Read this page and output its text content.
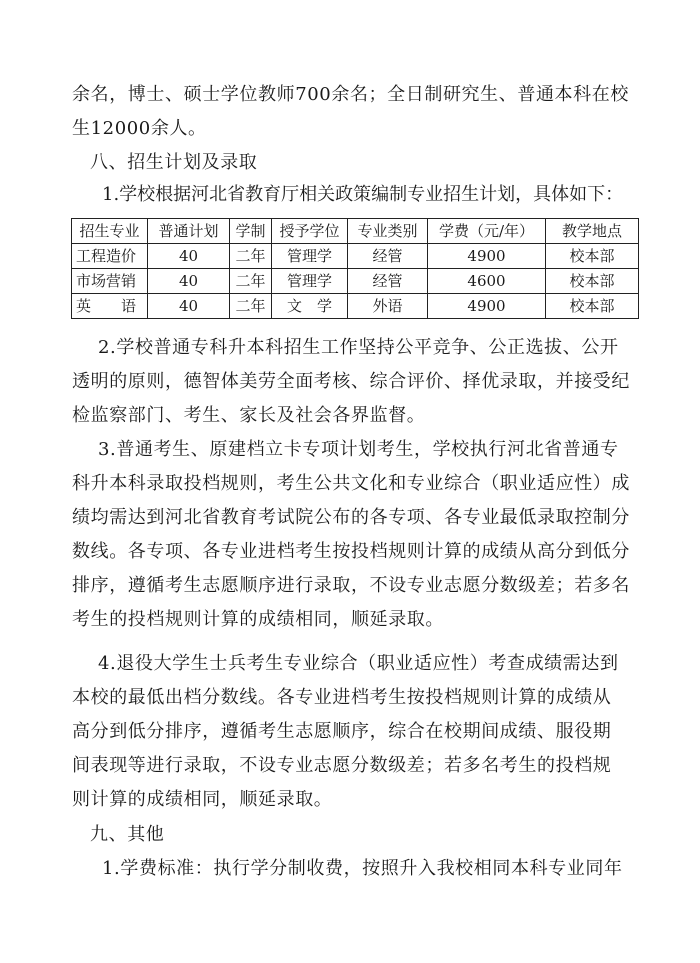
余名，博士、硕士学位教师700余名；全日制研究生、普通本科在校
生12000余人。
八、招生计划及录取
1.学校根据河北省教育厅相关政策编制专业招生计划，具体如下：
招生专业	普通计划	学制	授予学位	专业类别	学费（元/年）	教学地点
工程造价	40	二年	管理学	经管	4900	校本部
市场营销	40	二年	管理学	经管	4600	校本部
英　　语	40	二年	文　学	外语	4900	校本部
2.学校普通专科升本科招生工作坚持公平竞争、公正选拔、公开
透明的原则，德智体美劳全面考核、综合评价、择优录取，并接受纪
检监察部门、考生、家长及社会各界监督。
3.普通考生、原建档立卡专项计划考生，学校执行河北省普通专
科升本科录取投档规则，考生公共文化和专业综合（职业适应性）成
绩均需达到河北省教育考试院公布的各专项、各专业最低录取控制分
数线。各专项、各专业进档考生按投档规则计算的成绩从高分到低分
排序，遵循考生志愿顺序进行录取，不设专业志愿分数级差；若多名
考生的投档规则计算的成绩相同，顺延录取。
4.退役大学生士兵考生专业综合（职业适应性）考查成绩需达到
本校的最低出档分数线。各专业进档考生按投档规则计算的成绩从
高分到低分排序，遵循考生志愿顺序，综合在校期间成绩、服役期
间表现等进行录取，不设专业志愿分数级差；若多名考生的投档规
则计算的成绩相同，顺延录取。
九、其他
1.学费标准：执行学分制收费，按照升入我校相同本科专业同年
